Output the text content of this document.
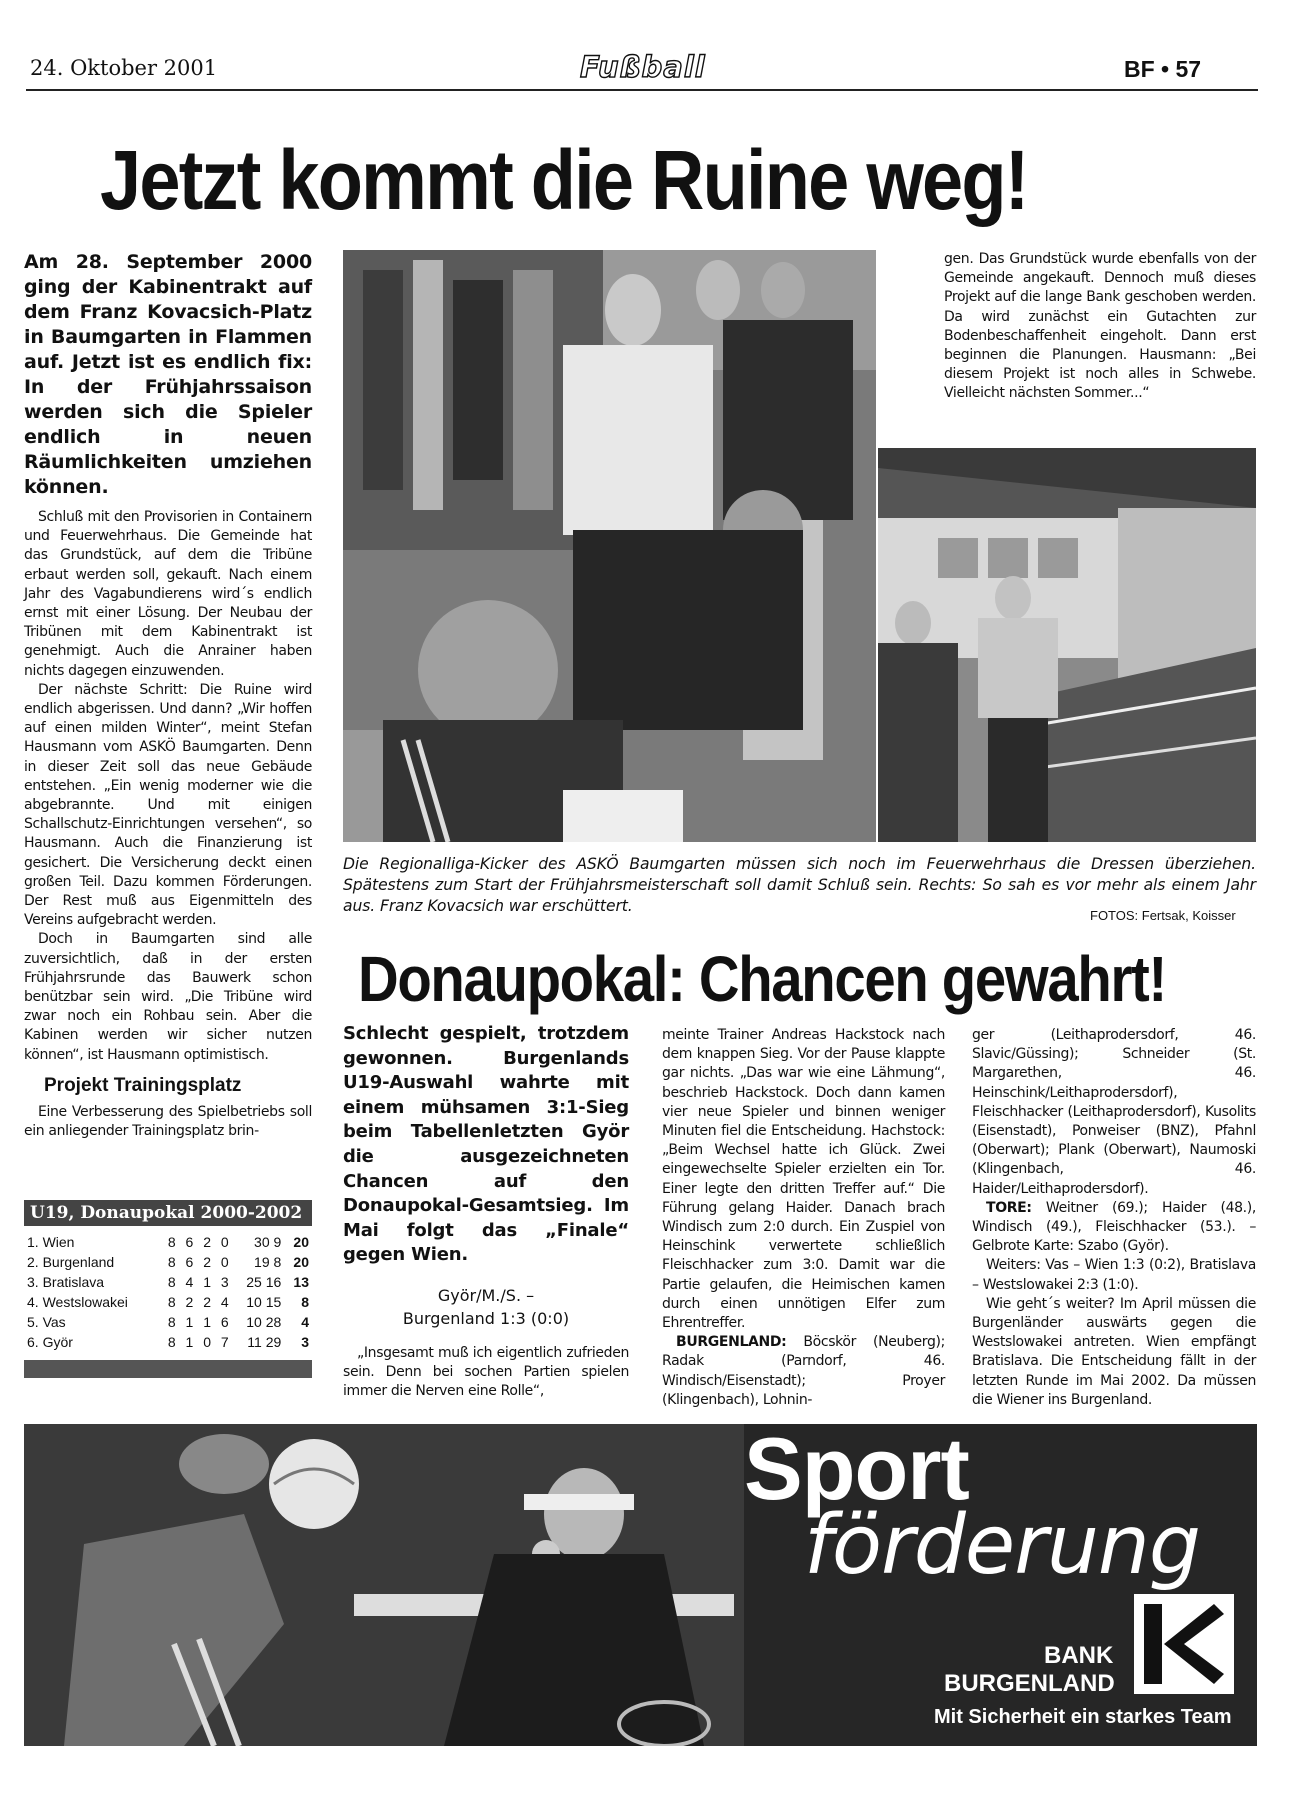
24. Oktober 2001	Fußball	BF • 57
Jetzt kommt die Ruine weg!
Am 28. September 2000 ging der Kabinentrakt auf dem Franz Kovacsich-Platz in Baumgarten in Flammen auf. Jetzt ist es endlich fix: In der Frühjahrssaison werden sich die Spieler endlich in neuen Räumlichkeiten umziehen können.

Schluß mit den Provisorien in Containern und Feuerwehrhaus. Die Gemeinde hat das Grundstück, auf dem die Tribüne erbaut werden soll, gekauft. Nach einem Jahr des Vagabundierens wird´s endlich ernst mit einer Lösung. Der Neubau der Tribünen mit dem Kabinentrakt ist genehmigt. Auch die Anrainer haben nichts dagegen einzuwenden.

Der nächste Schritt: Die Ruine wird endlich abgerissen. Und dann? „Wir hoffen auf einen milden Winter“, meint Stefan Hausmann vom ASKÖ Baumgarten. Denn in dieser Zeit soll das neue Gebäude entstehen. „Ein wenig moderner wie die abgebrannte. Und mit einigen Schallschutz-Einrichtungen versehen“, so Hausmann. Auch die Finanzierung ist gesichert. Die Versicherung deckt einen großen Teil. Dazu kommen Förderungen. Der Rest muß aus Eigenmitteln des Vereins aufgebracht werden.

Doch in Baumgarten sind alle zuversichtlich, daß in der ersten Frühjahrsrunde das Bauwerk schon benützbar sein wird. „Die Tribüne wird zwar noch ein Rohbau sein. Aber die Kabinen werden wir sicher nutzen können“, ist Hausmann optimistisch.

Projekt Trainingsplatz

Eine Verbesserung des Spielbetriebs soll ein anliegender Trainingsplatz brin-

U19, Donaupokal 2000-2002
1. Wien	8	6	2	0	30 9	20
2. Burgenland	8	6	2	0	19 8	20
3. Bratislava	8	4	1	3	25 16	13
4. Westslowakei	8	2	2	4	10 15	8
5. Vas	8	1	1	6	10 28	4
6. Györ	8	1	0	7	11 29	3

gen. Das Grundstück wurde ebenfalls von der Gemeinde angekauft. Dennoch muß dieses Projekt auf die lange Bank geschoben werden. Da wird zunächst ein Gutachten zur Bodenbeschaffenheit eingeholt. Dann erst beginnen die Planungen. Hausmann: „Bei diesem Projekt ist noch alles in Schwebe. Vielleicht nächsten Sommer...“

Die Regionalliga-Kicker des ASKÖ Baumgarten müssen sich noch im Feuerwehrhaus die Dressen überziehen. Spätestens zum Start der Frühjahrsmeisterschaft soll damit Schluß sein. Rechts: So sah es vor mehr als einem Jahr aus. Franz Kovacsich war erschüttert.
FOTOS: Fertsak, Koisser
Donaupokal: Chancen gewahrt!
Schlecht gespielt, trotzdem gewonnen. Burgenlands U19-Auswahl wahrte mit einem mühsamen 3:1-Sieg beim Tabellenletzten Györ die ausgezeichneten Chancen auf den Donaupokal-Gesamtsieg. Im Mai folgt das „Finale“ gegen Wien.
Györ/M./S. –
Burgenland 1:3 (0:0)

„Insgesamt muß ich eigentlich zufrieden sein. Denn bei sochen Partien spielen immer die Nerven eine Rolle“,

meinte Trainer Andreas Hackstock nach dem knappen Sieg. Vor der Pause klappte gar nichts. „Das war wie eine Lähmung“, beschrieb Hackstock. Doch dann kamen vier neue Spieler und binnen weniger Minuten fiel die Entscheidung. Hachstock: „Beim Wechsel hatte ich Glück. Zwei eingewechselte Spieler erzielten ein Tor. Einer legte den dritten Treffer auf.“ Die Führung gelang Haider. Danach brach Windisch zum 2:0 durch. Ein Zuspiel von Heinschink verwertete schließlich Fleischhacker zum 3:0. Damit war die Partie gelaufen, die Heimischen kamen durch einen unnötigen Elfer zum Ehrentreffer.

BURGENLAND: Böcskör (Neuberg); Radak (Parndorf, 46. Windisch/Eisenstadt); Proyer (Klingenbach), Lohnin-

ger (Leithaprodersdorf, 46. Slavic/Güssing); Schneider (St. Margarethen, 46. Heinschink/Leithaprodersdorf), Fleischhacker (Leithaprodersdorf), Kusolits (Eisenstadt), Ponweiser (BNZ), Pfahnl (Oberwart); Plank (Oberwart), Naumoski (Klingenbach, 46. Haider/Leithaprodersdorf).

TORE: Weitner (69.); Haider (48.), Windisch (49.), Fleischhacker (53.). – Gelbrote Karte: Szabo (Györ).

Weiters: Vas – Wien 1:3 (0:2), Bratislava – Westslowakei 2:3 (1:0).

Wie geht´s weiter? Im April müssen die Burgenländer auswärts gegen die Westslowakei antreten. Wien empfängt Bratislava. Die Entscheidung fällt in der letzten Runde im Mai 2002. Da müssen die Wiener ins Burgenland.

Sport
förderung
BANK
BURGENLAND
Mit Sicherheit ein starkes Team
